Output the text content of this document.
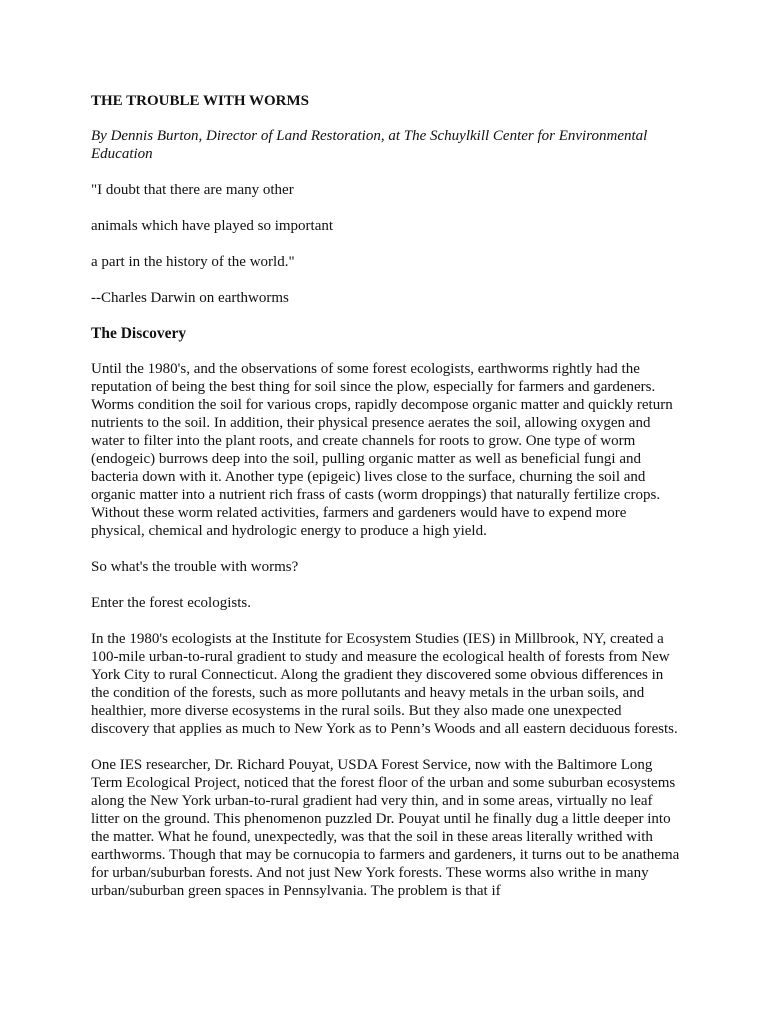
THE TROUBLE WITH WORMS
By Dennis Burton, Director of Land Restoration, at The Schuylkill Center for Environmental Education
"I doubt that there are many other
animals which have played so important
a part in the history of the world."
--Charles Darwin on earthworms
The Discovery

Until the 1980's, and the observations of some forest ecologists, earthworms rightly had the reputation of being the best thing for soil since the plow, especially for farmers and gardeners. Worms condition the soil for various crops, rapidly decompose organic matter and quickly return nutrients to the soil. In addition, their physical presence aerates the soil, allowing oxygen and water to filter into the plant roots, and create channels for roots to grow. One type of worm (endogeic) burrows deep into the soil, pulling organic matter as well as beneficial fungi and bacteria down with it. Another type (epigeic) lives close to the surface, churning the soil and organic matter into a nutrient rich frass of casts (worm droppings) that naturally fertilize crops. Without these worm related activities, farmers and gardeners would have to expend more physical, chemical and hydrologic energy to produce a high yield.

So what's the trouble with worms?

Enter the forest ecologists.

In the 1980's ecologists at the Institute for Ecosystem Studies (IES) in Millbrook, NY, created a 100-mile urban-to-rural gradient to study and measure the ecological health of forests from New York City to rural Connecticut. Along the gradient they discovered some obvious differences in the condition of the forests, such as more pollutants and heavy metals in the urban soils, and healthier, more diverse ecosystems in the rural soils. But they also made one unexpected discovery that applies as much to New York as to Penn’s Woods and all eastern deciduous forests.

One IES researcher, Dr. Richard Pouyat, USDA Forest Service, now with the Baltimore Long Term Ecological Project, noticed that the forest floor of the urban and some suburban ecosystems along the New York urban-to-rural gradient had very thin, and in some areas, virtually no leaf litter on the ground. This phenomenon puzzled Dr. Pouyat until he finally dug a little deeper into the matter. What he found, unexpectedly, was that the soil in these areas literally writhed with earthworms. Though that may be cornucopia to farmers and gardeners, it turns out to be anathema for urban/suburban forests. And not just New York forests. These worms also writhe in many urban/suburban green spaces in Pennsylvania. The problem is that if
